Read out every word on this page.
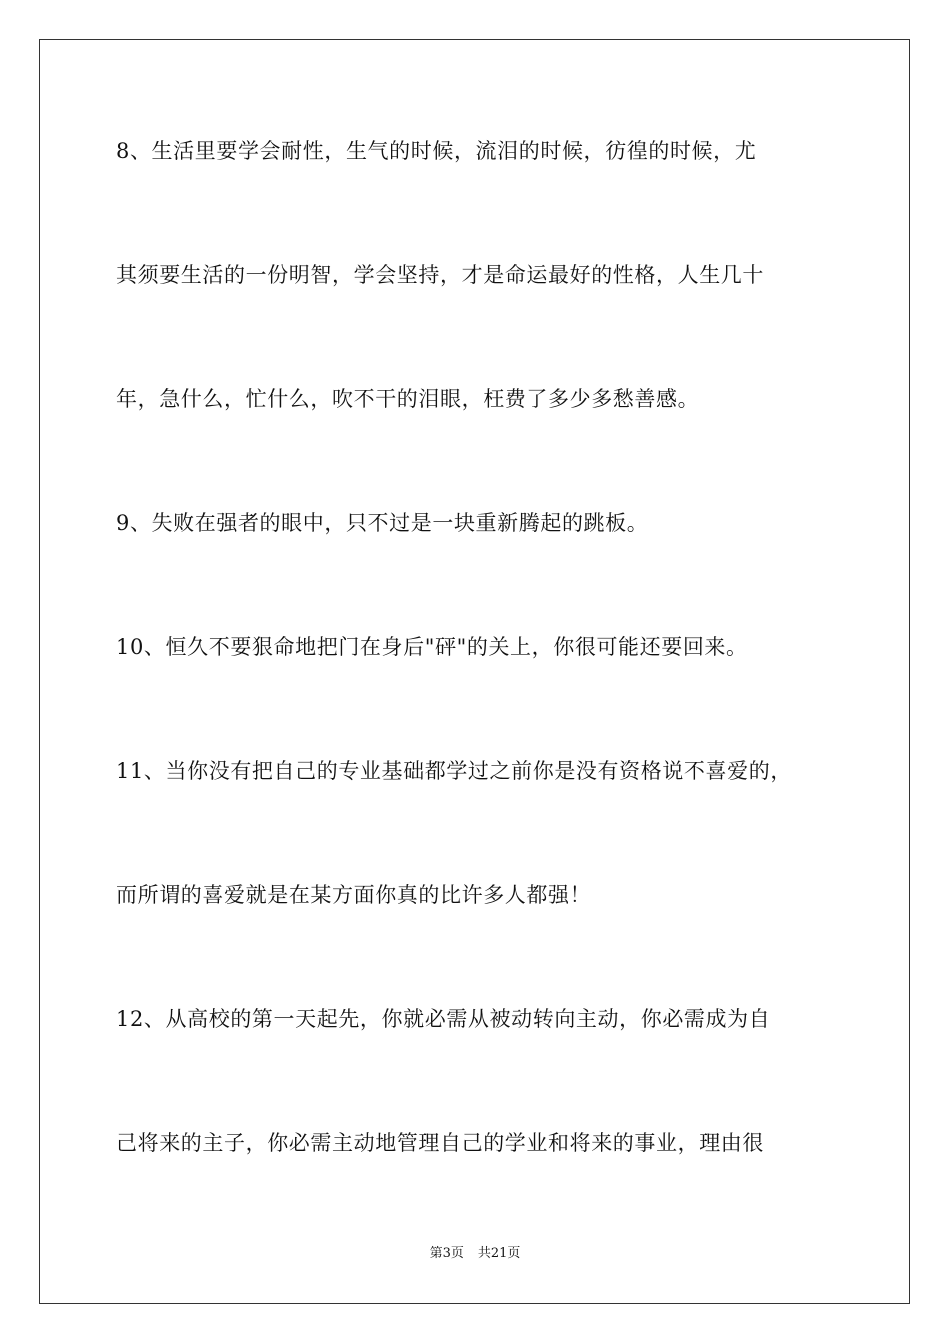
8、生活里要学会耐性，生气的时候，流泪的时候，彷徨的时候，尤
其须要生活的一份明智，学会坚持，才是命运最好的性格，人生几十
年，急什么，忙什么，吹不干的泪眼，枉费了多少多愁善感。
9、失败在强者的眼中，只不过是一块重新腾起的跳板。
10、恒久不要狠命地把门在身后"砰"的关上，你很可能还要回来。
11、当你没有把自己的专业基础都学过之前你是没有资格说不喜爱的，
而所谓的喜爱就是在某方面你真的比许多人都强！
12、从高校的第一天起先，你就必需从被动转向主动，你必需成为自
己将来的主子，你必需主动地管理自己的学业和将来的事业，理由很
第3页 共21页
